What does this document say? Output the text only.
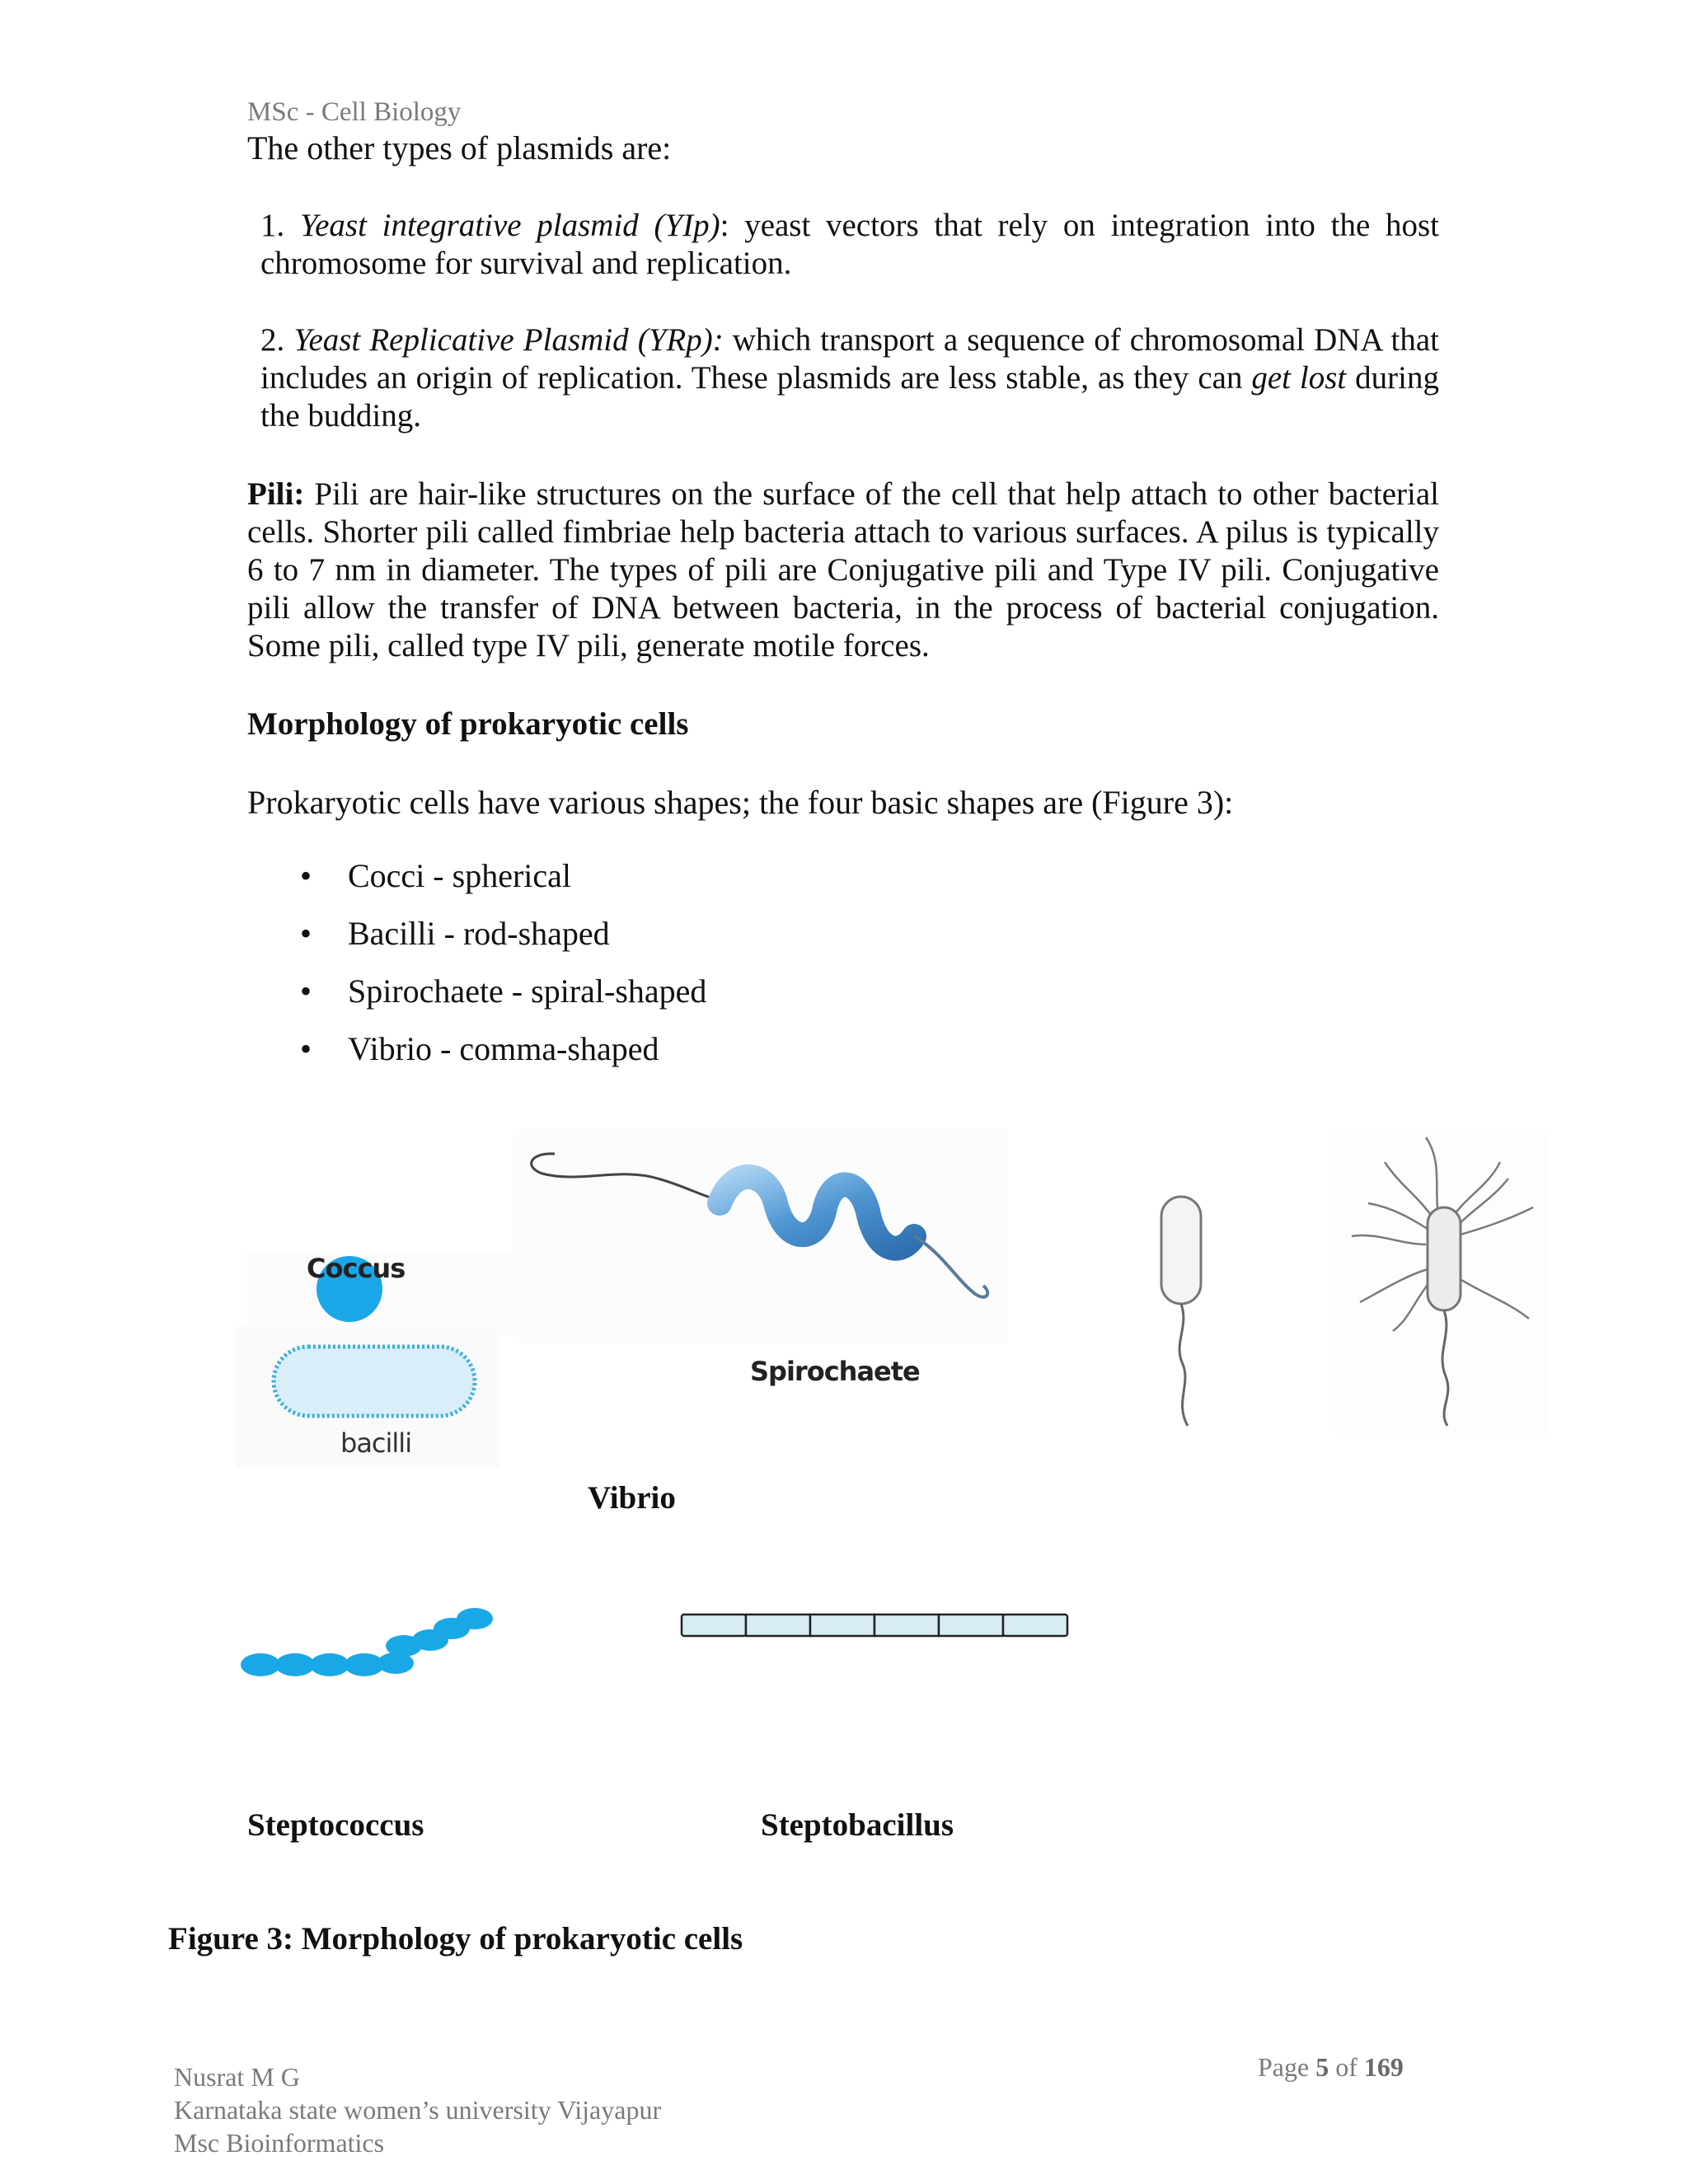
MSc - Cell Biology
The other types of plasmids are:
1. Yeast integrative plasmid (YIp): yeast vectors that rely on integration into the host chromosome for survival and replication.
2. Yeast Replicative Plasmid (YRp): which transport a sequence of chromosomal DNA that includes an origin of replication. These plasmids are less stable, as they can get lost during the budding.
Pili: Pili are hair-like structures on the surface of the cell that help attach to other bacterial cells. Shorter pili called fimbriae help bacteria attach to various surfaces. A pilus is typically 6 to 7 nm in diameter. The types of pili are Conjugative pili and Type IV pili. Conjugative pili allow the transfer of DNA between bacteria, in the process of bacterial conjugation. Some pili, called type IV pili, generate motile forces.
Morphology of prokaryotic cells
Prokaryotic cells have various shapes; the four basic shapes are (Figure 3):
• Cocci - spherical
• Bacilli - rod-shaped
• Spirochaete - spiral-shaped
• Vibrio - comma-shaped
Coccus
bacilli
Spirochaete
Vibrio
Steptococcus	Steptobacillus
Figure 3: Morphology of prokaryotic cells
Nusrat M G
Karnataka state women’s university Vijayapur
Msc Bioinformatics
Page 5 of 169
